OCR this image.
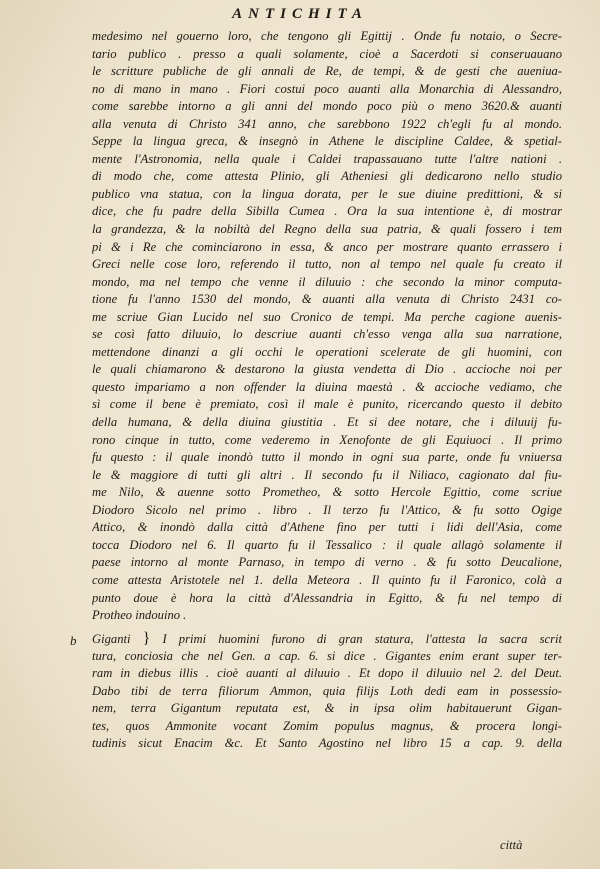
ANTICHITA
medesimo nel gouerno loro, che tengono gli Egittij . Onde fu notaio, o Secre-
tario publico . presso a quali solamente, cioè a Sacerdoti si conseruauano
le scritture publiche de gli annali de Re, de tempi, & de gesti che aueniua-
no di mano in mano . Fiori costui poco auanti alla Monarchia di Alessandro,
come sarebbe intorno a gli anni del mondo poco più o meno 3620.& auanti
alla venuta di Christo 341 anno, che sarebbono 1922 ch'egli fu al mondo.
Seppe la lingua greca, & insegnò in Athene le discipline Caldee, & spetial-
mente l'Astronomia, nella quale i Caldei trapassauano tutte l'altre nationi .
di modo che, come attesta Plinio, gli Atheniesi gli dedicarono nello studio
publico vna statua, con la lingua dorata, per le sue diuine predittioni, & si
dice, che fu padre della Sibilla Cumea . Ora la sua intentione è, di mostrar
la grandezza, & la nobiltà del Regno della sua patria, & quali fossero i tem
pi & i Re che cominciarono in essa, & anco per mostrare quanto errassero i
Greci nelle cose loro, referendo il tutto, non al tempo nel quale fu creato il
mondo, ma nel tempo che venne il diluuio : che secondo la minor computa-
tione fu l'anno 1530 del mondo, & auanti alla venuta di Christo 2431 co-
me scriue Gian Lucido nel suo Cronico de tempi. Ma perche cagione auenis-
se così fatto diluuio, lo descriue auanti ch'esso venga alla sua narratione,
mettendone dinanzi a gli occhi le operationi scelerate de gli huomini, con
le quali chiamarono & destarono la giusta vendetta di Dio . accioche noi per
questo impariamo a non offender la diuina maestà . & accioche vediamo, che
sì come il bene è premiato, così il male è punito, ricercando questo il debito
della humana, & della diuina giustitia . Et si dee notare, che i diluuij fu-
rono cinque in tutto, come vederemo in Xenofonte de gli Equiuoci . Il primo
fu questo : il quale inondò tutto il mondo in ogni sua parte, onde fu vniuersa
le & maggiore di tutti gli altri . Il secondo fu il Niliaco, cagionato dal fiu-
me Nilo, & auenne sotto Prometheo, & sotto Hercole Egittio, come scriue
Diodoro Sicolo nel primo . libro . Il terzo fu l'Attico, & fu sotto Ogige
Attico, & inondò dalla città d'Athene fino per tutti i lidi dell'Asia, come
tocca Diodoro nel 6. Il quarto fu il Tessalico : il quale allagò solamente il
paese intorno al monte Parnaso, in tempo di verno . & fu sotto Deucalione,
come attesta Aristotele nel 1. della Meteora . Il quinto fu il Faronico, colà a
punto doue è hora la città d'Alessandria in Egitto, & fu nel tempo di
Protheo indouino .
b Giganti } I primi huomini furono di gran statura, l'attesta la sacra scrit
tura, conciosia che nel Gen. a cap. 6. si dice . Gigantes enim erant super ter-
ram in diebus illis . cioè auanti al diluuio . Et dopo il diluuio nel 2. del Deut.
Dabo tibi de terra filiorum Ammon, quia filijs Loth dedi eam in possessio-
nem, terra Gigantum reputata est, & in ipsa olim habitauerunt Gigan-
tes, quos Ammonite vocant Zomim populus magnus, & procera longi-
tudinis sicut Enacim &c. Et Santo Agostino nel libro 15 a cap. 9. della
città
